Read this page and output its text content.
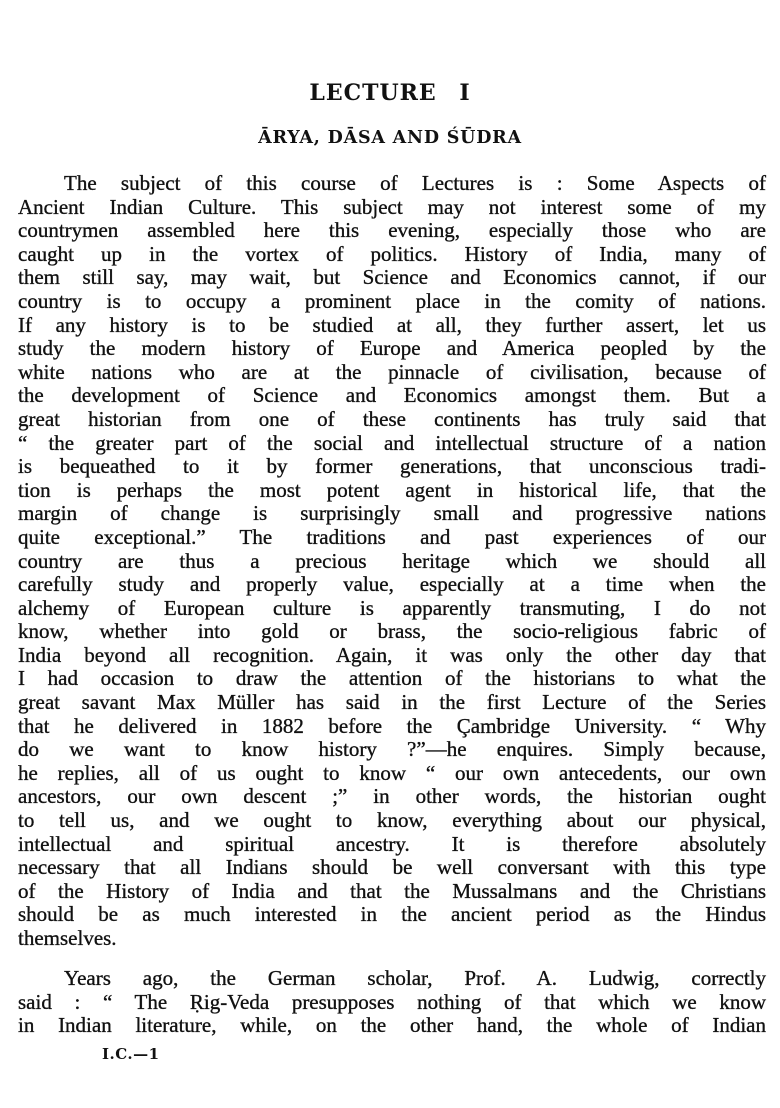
LECTURE I
ĀRYA, DĀSA AND ŚŪDRA
The subject of this course of Lectures is : Some Aspects of
Ancient Indian Culture. This subject may not interest some of my
countrymen assembled here this evening, especially those who are
caught up in the vortex of politics. History of India, many of
them still say, may wait, but Science and Economics cannot, if our
country is to occupy a prominent place in the comity of nations.
If any history is to be studied at all, they further assert, let us
study the modern history of Europe and America peopled by the
white nations who are at the pinnacle of civilisation, because of
the development of Science and Economics amongst them. But a
great historian from one of these continents has truly said that
“ the greater part of the social and intellectual structure of a nation
is bequeathed to it by former generations, that unconscious tradi-
tion is perhaps the most potent agent in historical life, that the
margin of change is surprisingly small and progressive nations
quite exceptional.” The traditions and past experiences of our
country are thus a precious heritage which we should all
carefully study and properly value, especially at a time when the
alchemy of European culture is apparently transmuting, I do not
know, whether into gold or brass, the socio-religious fabric of
India beyond all recognition. Again, it was only the other day that
I had occasion to draw the attention of the historians to what the
great savant Max Müller has said in the first Lecture of the Series
that he delivered in 1882 before the Çambridge University. “ Why
do we want to know history ?”—he enquires. Simply because,
he replies, all of us ought to know “ our own antecedents, our own
ancestors, our own descent ;” in other words, the historian ought
to tell us, and we ought to know, everything about our physical,
intellectual and spiritual ancestry. It is therefore absolutely
necessary that all Indians should be well conversant with this type
of the History of India and that the Mussalmans and the Christians
should be as much interested in the ancient period as the Hindus
themselves.
Years ago, the German scholar, Prof. A. Ludwig, correctly
said : “ The Ṛig-Veda presupposes nothing of that which we know
in Indian literature, while, on the other hand, the whole of Indian
I.C.—1
